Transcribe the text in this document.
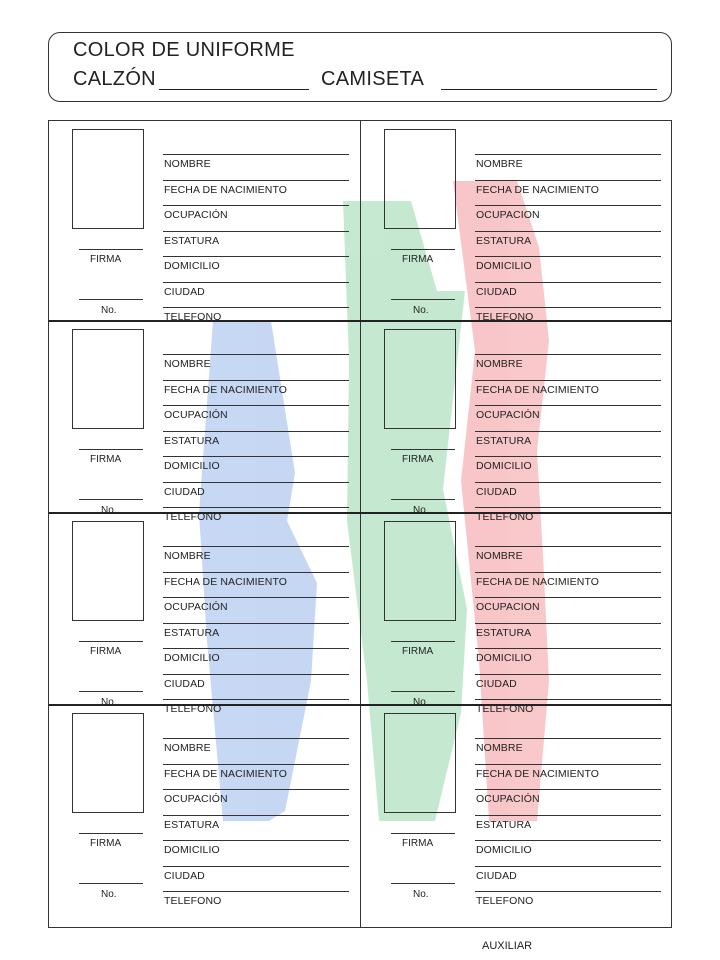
COLOR DE UNIFORME
CALZÓN	CAMISETA
FIRMA
No.
NOMBRE
FECHA DE NACIMIENTO
OCUPACIÓN
ESTATURA
DOMICILIO
CIUDAD
TELEFONO
FIRMA
No.
NOMBRE
FECHA DE NACIMIENTO
OCUPACION
ESTATURA
DOMICILIO
CIUDAD
TELEFONO
FIRMA
No.
NOMBRE
FECHA DE NACIMIENTO
OCUPACIÓN
ESTATURA
DOMICILIO
CIUDAD
TELEFONO
FIRMA
No.
NOMBRE
FECHA DE NACIMIENTO
OCUPACIÓN
ESTATURA
DOMICILIO
CIUDAD
TELEFONO
FIRMA
No.
NOMBRE
FECHA DE NACIMIENTO
OCUPACIÓN
ESTATURA
DOMICILIO
CIUDAD
TELEFONO
FIRMA
No.
NOMBRE
FECHA DE NACIMIENTO
OCUPACION
ESTATURA
DOMICILIO
CIUDAD
TELEFONO
FIRMA
No.
NOMBRE
FECHA DE NACIMIENTO
OCUPACIÓN
ESTATURA
DOMICILIO
CIUDAD
TELEFONO
FIRMA
No.
NOMBRE
FECHA DE NACIMIENTO
OCUPACIÓN
ESTATURA
DOMICILIO
CIUDAD
TELEFONO
AUXILIAR
